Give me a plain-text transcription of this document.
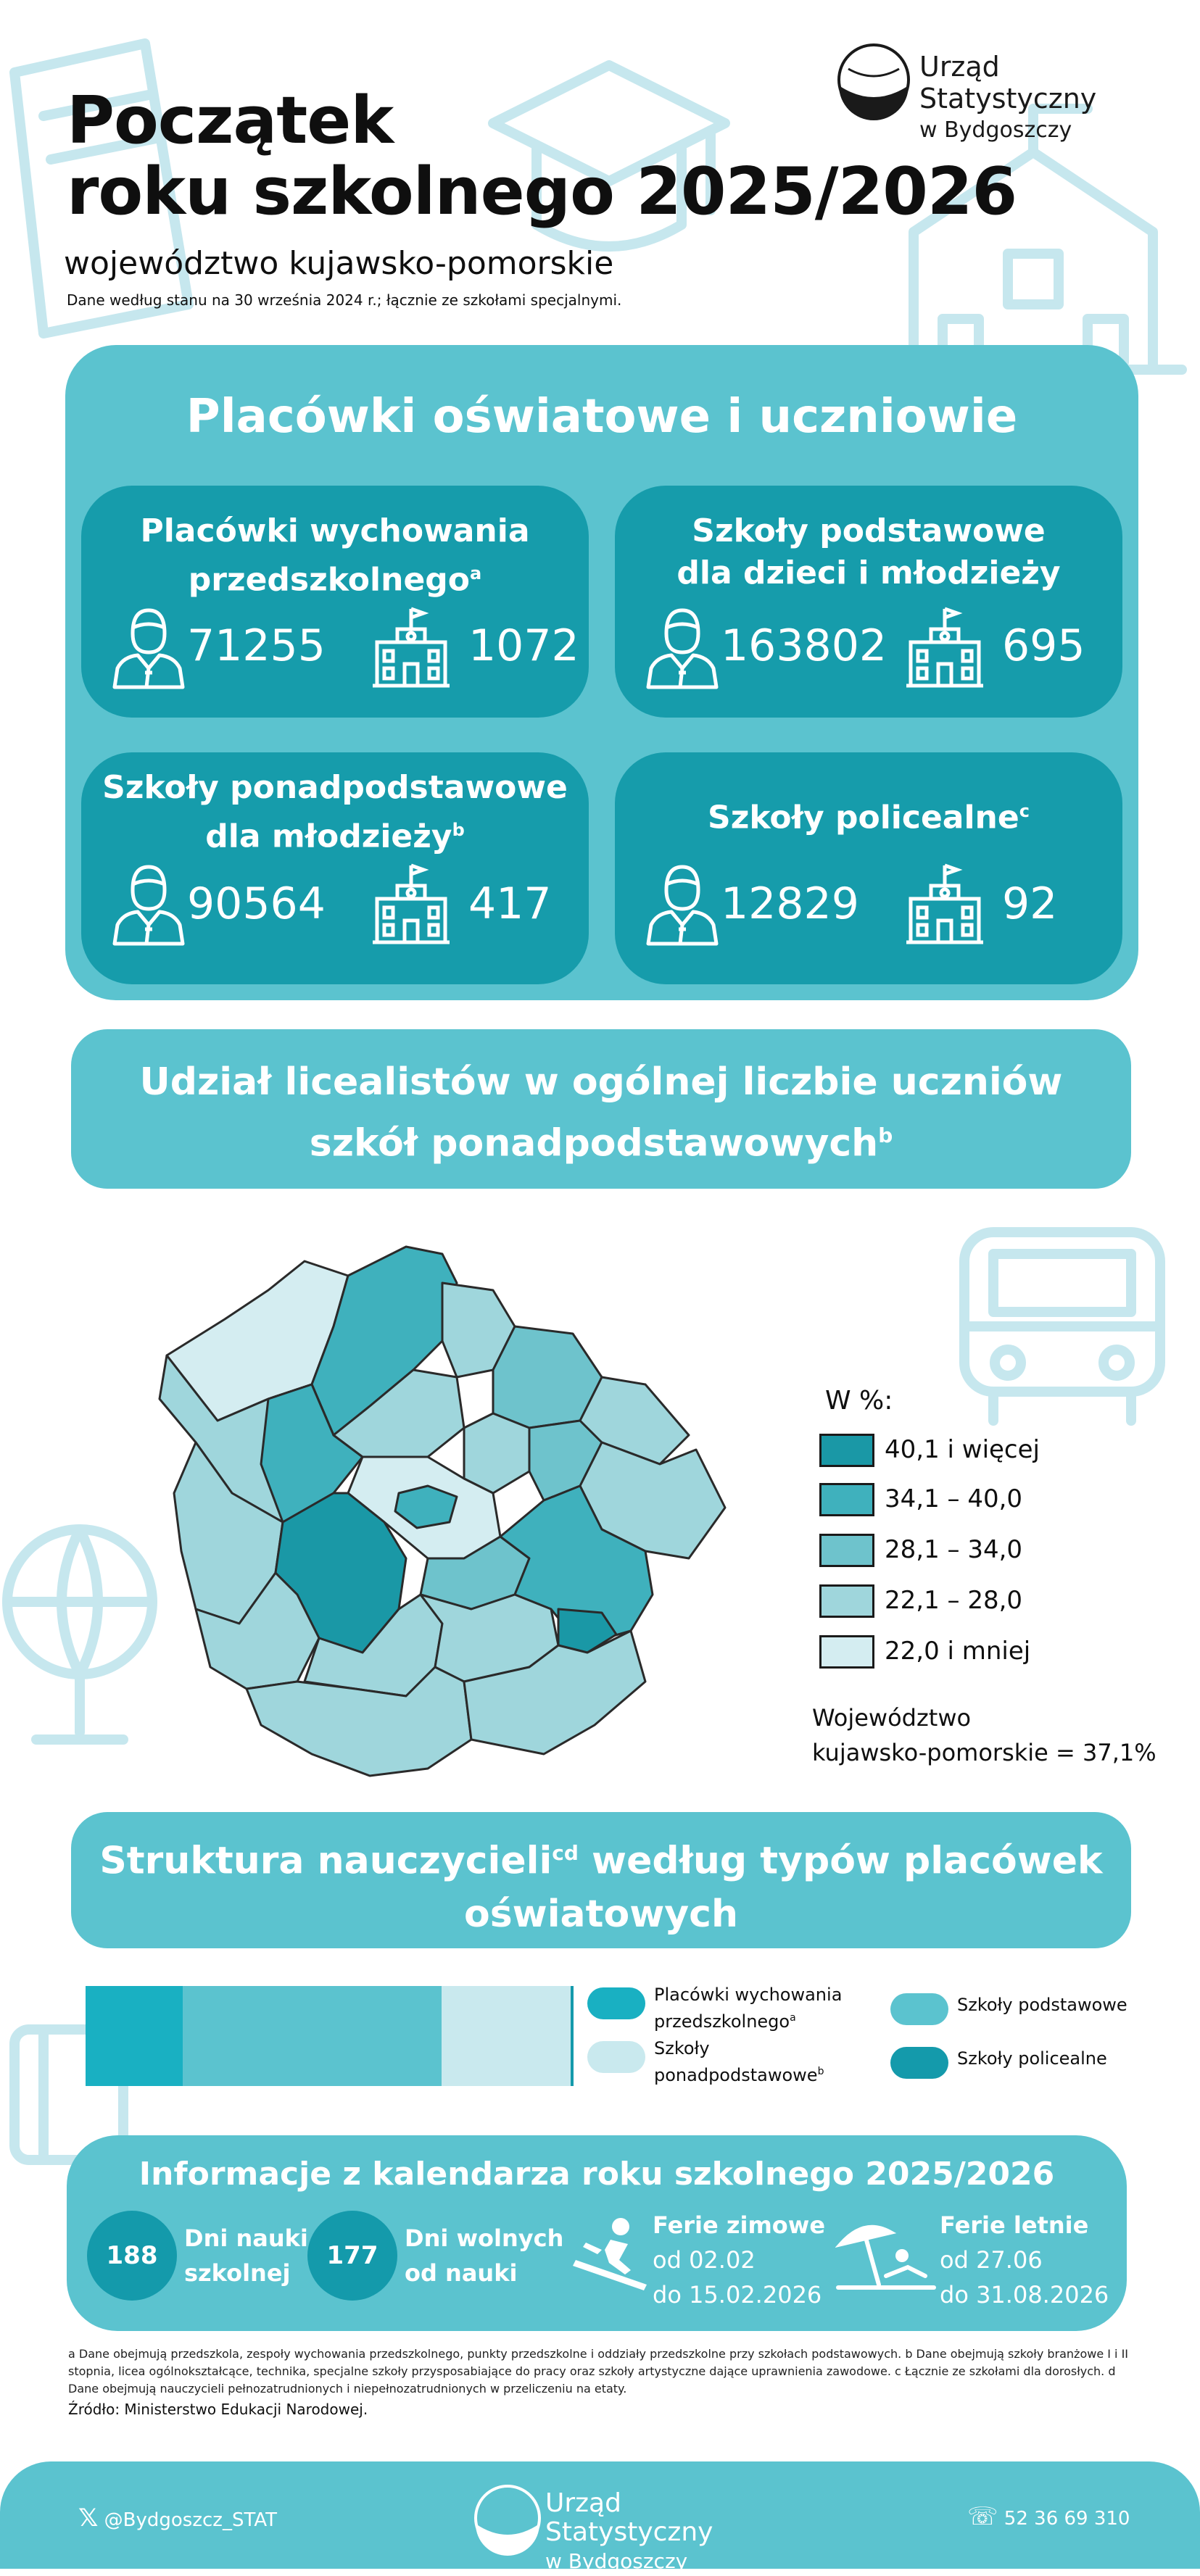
Początek
roku szkolnego 2025/2026
województwo kujawsko-pomorskie
Dane według stanu na 30 września 2024 r.; łącznie ze szkołami specjalnymi.
Urząd Statystyczny
w Bydgoszczy
Placówki oświatowe i uczniowie
Placówki wychowania
przedszkolnego$^a$
71255	1072
Szkoły podstawowe
dla dzieci i młodzieży
163802	695
Szkoły ponadpodstawowe
dla młodzieży$^b$
90564	417
Szkoły policealne$^c$
12829	92
Udział licealistów w ogólnej liczbie uczniów
szkół ponadpodstawowych$^b$
W %:
40,1 i więcej
34,1 – 40,0
28,1 – 34,0
22,1 – 28,0
22,0 i mniej
Województwo
kujawsko-pomorskie = 37,1%
Struktura nauczycieli$^{cd}$ według typów placówek
oświatowych
Placówki wychowania
przedszkolnego$^a$
Szkoły podstawowe
Szkoły
ponadpodstawowe$^b$
Szkoły policealne
Informacje z kalendarza roku szkolnego 2025/2026
188
Dni nauki
szkolnej
177
Dni wolnych
od nauki
Ferie zimowe
od 02.02
do 15.02.2026
Ferie letnie
od 27.06
do 31.08.2026
a Dane obejmują przedszkola, zespoły wychowania przedszkolnego, punkty przedszkolne i oddziały przedszkolne przy szkołach podstawowych. b Dane obejmują szkoły branżowe I i II stopnia, licea ogólnokształcące, technika, specjalne szkoły przysposabiające do pracy oraz szkoły artystyczne dające uprawnienia zawodowe. c Łącznie ze szkołami dla dorosłych. d Dane obejmują nauczycieli pełnozatrudnionych i niepełnozatrudnionych w przeliczeniu na etaty.
Źródło: Ministerstwo Edukacji Narodowej.
𝕏 @Bydgoszcz_STAT
Urząd Statystyczny
w Bydgoszczy
☏ 52 36 69 310
